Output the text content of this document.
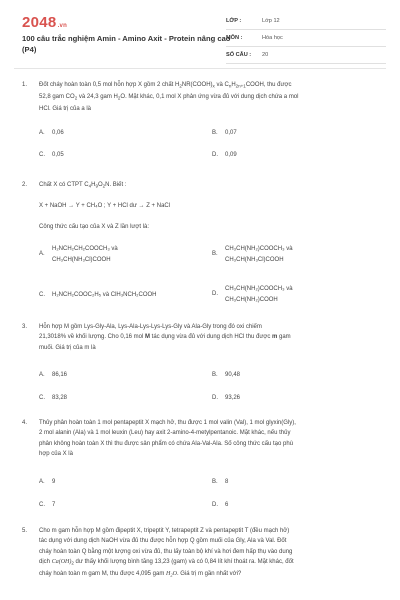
2048.vn
100 câu trắc nghiệm Amin - Amino Axit - Protein nâng cao (P4)
LỚP :	Lớp 12
MÔN :	Hóa học
SỐ CÂU :	20
1. Đốt cháy hoàn toàn 0,5 mol hỗn hợp X gồm 2 chất $H_2NR(COOH)_x$ và $C_nH_{2n+1}COOH$, thu được
52,8 gam $CO_2$ và 24,3 gam $H_2O$. Mặt khác, 0,1 mol X phản ứng vừa đủ với dung dịch chứa a mol
HCl. Giá trị của a là
A. 0,06	B. 0,07
C. 0,05	D. 0,09
2. Chất X có CTPT $C_4H_9O_2N$. Biết :
X + NaOH → Y + CH₄O ; Y + HCl dư → Z + NaCl
Công thức cấu tạo của X và Z lần lượt là:
A.
H₂NCH₂CH₂COOCH₃ và
CH₃CH(NH₃Cl)COOH
B.
CH₃CH(NH₂)COOCH₃ và
CH₃CH(NH₃Cl)COOH
C. H₂NCH₂COOC₂H₅ và ClH₃NCH₂COOH	D.
CH₃CH(NH₂)COOCH₃ và
CH₃CH(NH₂)COOH
3. Hỗn hợp M gồm Lys-Gly-Ala, Lys-Ala-Lys-Lys-Lys-Gly và Ala-Gly trong đó oxi chiếm
21,3018% về khối lượng. Cho 0,16 mol M tác dụng vừa đủ với dung dịch HCl thu được m gam
muối. Giá trị của m là
A. 86,16	B. 90,48
C. 83,28	D. 93,26
4. Thủy phân hoàn toàn 1 mol pentapeptit X mạch hở, thu được 1 mol valin (Val), 1 mol glyxin(Gly),
2 mol alanin (Ala) và 1 mol leuxin (Leu) hay axit 2-amino-4-metylpentanoic. Mặt khác, nếu thủy
phân không hoàn toàn X thì thu được sản phẩm có chứa Ala-Val-Ala. Số công thức cấu tạo phù
hợp của X là
A. 9	B. 8
C. 7	D. 6
5. Cho m gam hỗn hợp M gồm đipeptit X, tripeptit Y, tetrapeptit Z và pentapeptit T (đều mạch hở)
tác dụng với dung dịch NaOH vừa đủ thu được hỗn hợp Q gồm muối của Gly, Ala và Val. Đốt
cháy hoàn toàn Q bằng một lượng oxi vừa đủ, thu lấy toàn bộ khí và hơi đem hấp thụ vào dung
dịch $Ca(OH)_2$ dư thấy khối lượng bình tăng 13,23 (gam) và có 0,84 lít khí thoát ra. Mặt khác, đốt
cháy hoàn toàn m gam M, thu được 4,095 gam $H_2O$. Giá trị m gần nhất với?
